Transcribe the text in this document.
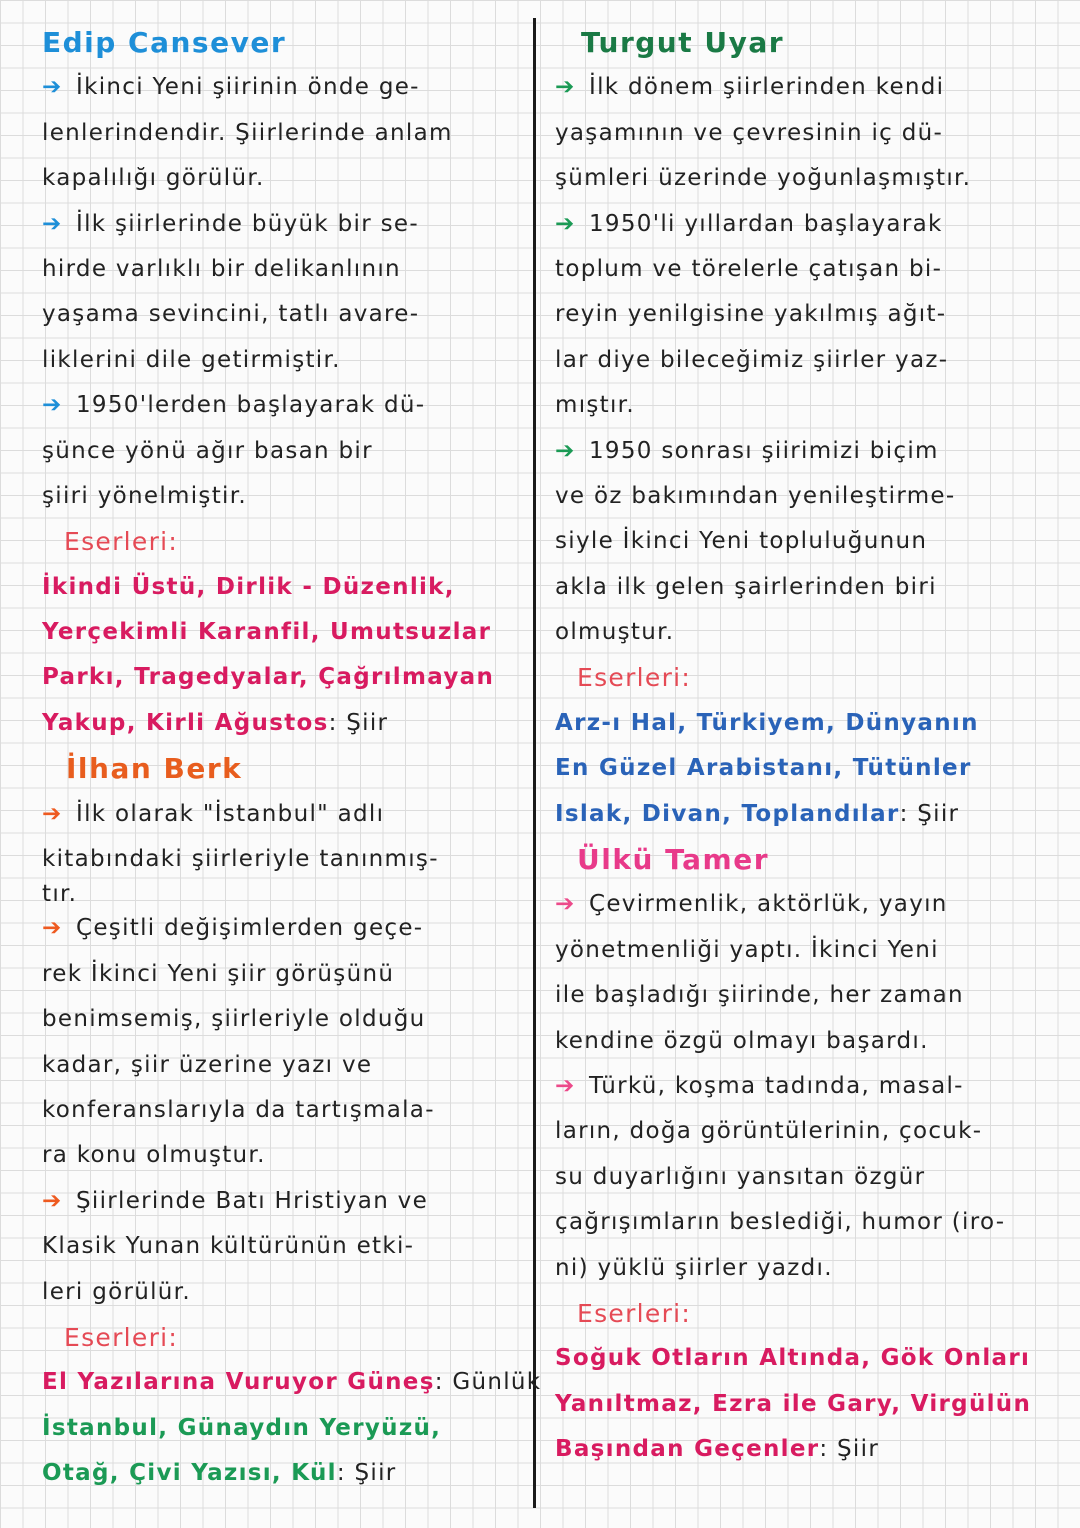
Edip Cansever
➔ İkinci Yeni şiirinin önde ge-
lenlerindendir. Şiirlerinde anlam
kapalılığı görülür.
➔ İlk şiirlerinde büyük bir se-
hirde varlıklı bir delikanlının
yaşama sevincini, tatlı avare-
liklerini dile getirmiştir.
➔ 1950'lerden başlayarak dü-
şünce yönü ağır basan bir
şiiri yönelmiştir.
Eserleri:
İkindi Üstü, Dirlik - Düzenlik,
Yerçekimli Karanfil, Umutsuzlar
Parkı, Tragedyalar, Çağrılmayan
Yakup, Kirli Ağustos: Şiir
İlhan Berk
➔ İlk olarak "İstanbul" adlı
kitabındaki şiirleriyle tanınmış-
tır.
➔ Çeşitli değişimlerden geçe-
rek İkinci Yeni şiir görüşünü
benimsemiş, şiirleriyle olduğu
kadar, şiir üzerine yazı ve
konferanslarıyla da tartışmala-
ra konu olmuştur.
➔ Şiirlerinde Batı Hristiyan ve
Klasik Yunan kültürünün etki-
leri görülür.
Eserleri:
El Yazılarına Vuruyor Güneş: Günlük
İstanbul, Günaydın Yeryüzü,
Otağ, Çivi Yazısı, Kül: Şiir
Turgut Uyar
➔ İlk dönem şiirlerinden kendi
yaşamının ve çevresinin iç dü-
şümleri üzerinde yoğunlaşmıştır.
➔ 1950'li yıllardan başlayarak
toplum ve törelerle çatışan bi-
reyin yenilgisine yakılmış ağıt-
lar diye bileceğimiz şiirler yaz-
mıştır.
➔ 1950 sonrası şiirimizi biçim
ve öz bakımından yenileştirme-
siyle İkinci Yeni topluluğunun
akla ilk gelen şairlerinden biri
olmuştur.
Eserleri:
Arz-ı Hal, Türkiyem, Dünyanın
En Güzel Arabistanı, Tütünler
Islak, Divan, Toplandılar: Şiir
Ülkü Tamer
➔ Çevirmenlik, aktörlük, yayın
yönetmenliği yaptı. İkinci Yeni
ile başladığı şiirinde, her zaman
kendine özgü olmayı başardı.
➔ Türkü, koşma tadında, masal-
ların, doğa görüntülerinin, çocuk-
su duyarlığını yansıtan özgür
çağrışımların beslediği, humor (iro-
ni) yüklü şiirler yazdı.
Eserleri:
Soğuk Otların Altında, Gök Onları
Yanıltmaz, Ezra ile Gary, Virgülün
Başından Geçenler: Şiir
